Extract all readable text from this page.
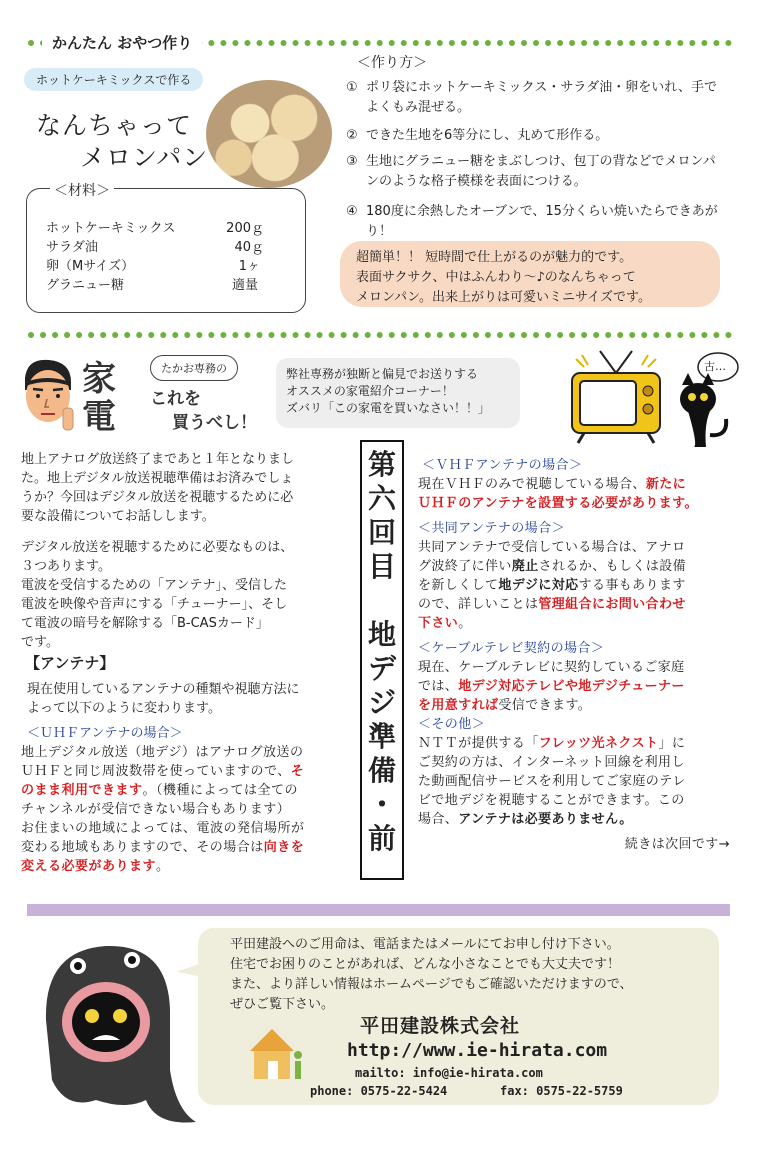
かんたん おやつ作り
ホットケーキミックスで作る
なんちゃって
メロンパン
＜材料＞
ホットケーキミックス	200ｇ
サラダ油	40ｇ
卵（Mサイズ）	1ヶ
グラニュー糖	適量
＜作り方＞
① ポリ袋にホットケーキミックス・サラダ油・卵をいれ、手でよくもみ混ぜる。
② できた生地を6等分にし、丸めて形作る。
③ 生地にグラニュー糖をまぶしつけ、包丁の背などでメロンパンのような格子模様を表面につける。
④ 180度に余熱したオーブンで、15分くらい焼いたらできあがり！
超簡単！！ 短時間で仕上がるのが魅力的です。
表面サクサク、中はふんわり～♪のなんちゃって
メロンパン。出来上がりは可愛いミニサイズです。
家電 これを
買うべし！
たかお専務の	弊社専務が独断と偏見でお送りする
オススメの家電紹介コーナー！
ズバリ「この家電を買いなさい！！」
古…
地上アナログ放送終了まであと１年となりまし
た。地上デジタル放送視聴準備はお済みでしょ
うか？今回はデジタル放送を視聴するために必
要な設備についてお話しします。
デジタル放送を視聴するために必要なものは、
３つあります。
電波を受信するための「アンテナ」、受信した
電波を映像や音声にする「チューナー」、そし
て電波の暗号を解除する「B-CASカード」
です。
【アンテナ】
現在使用しているアンテナの種類や視聴方法に
よって以下のように変わります。
＜ＵＨＦアンテナの場合＞
地上デジタル放送（地デジ）はアナログ放送の
ＵＨＦと同じ周波数帯を使っていますので、そ
のまま利用できます。（機種によっては全ての
チャンネルが受信できない場合もあります）
お住まいの地域によっては、電波の発信場所が
変わる地域もありますので、その場合は向きを
変える必要があります。
第
六
回
目
地
デ
ジ
準
備
・
前
＜ＶＨＦアンテナの場合＞
現在ＶＨＦのみで視聴している場合、新たに
ＵＨＦのアンテナを設置する必要があります。
＜共同アンテナの場合＞
共同アンテナで受信している場合は、アナロ
グ波終了に伴い廃止されるか、もしくは設備
を新しくして地デジに対応する事もあります
ので、詳しいことは管理組合にお問い合わせ
下さい。
＜ケーブルテレビ契約の場合＞
現在、ケーブルテレビに契約しているご家庭
では、地デジ対応テレビや地デジチューナー
を用意すれば受信できます。
＜その他＞
ＮＴＴが提供する「フレッツ光ネクスト」に
ご契約の方は、インターネット回線を利用し
た動画配信サービスを利用してご家庭のテレ
ビで地デジを視聴することができます。この
場合、アンテナは必要ありません。
続きは次回です→
平田建設へのご用命は、電話またはメールにてお申し付け下さい。
住宅でお困りのことがあれば、どんな小さなことでも大丈夫です！
また、より詳しい情報はホームページでもご確認いただけますので、
ぜひご覧下さい。
平田建設株式会社
http://www.ie-hirata.com
mailto: info@ie-hirata.com
phone: 0575-22-5424	fax: 0575-22-5759
